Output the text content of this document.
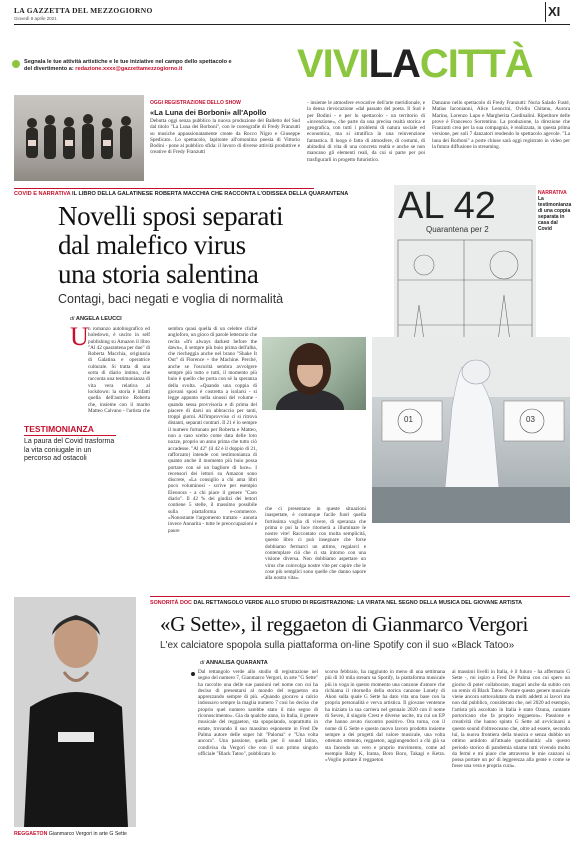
LA GAZZETTA DEL MEZZOGIORNO
Giovedì 8 aprile 2021	XI
Segnala le tue attività artistiche e le tue iniziative nel campo dello spettacolo e del divertimento a: redazione.xxxx@gazzettamezzogiorno.it	VIVILACITTÀ
OGGI REGISTRAZIONE DELLO SHOW
«La Luna dei Borboni» all'Apollo
Debutta oggi senza pubblico la nuova produzione del Balletto del Sud dal titolo "La Luna dei Borboni", con le coreografie di Fredy Franzutti su musiche appassionatamente create da Rocco Nigro e Giuseppe Spedicato. Lo spettacolo, lapitonte all'omonima poesia di Vittorio Bodini - pone al pubblico sfida: il lavoro di diverse attività produttive e creative di Fredy Franzutti
- insieme le atmosfere evocative dell'arte meridionale, e la densa rievocazione «dal passato del poeta. Il Sud è per Bodini - e per lo spettacolo - un territorio di «invenzione», che parte da una precisa realtà storica e geografica, con tutti i problemi di natura sociale ed economica, ma si stratifica in una reinvenzione fantastica. Il luogo è fatto di atmosfere, di costumi, di abitudini di vita di una concreta realtà e anche se non mancano gli elementi reali, da cui si parte per poi trasfigurarli in progetto futuristico.
Danzano nello spettacolo di Fredy Franzutti: Nuria Salado Fusté, Matias Iaconianni, Alice Leoncini, Ovidiu Chitanu, Aurora Marino, Lorenzo Lupo e Margherita Cardinalini. Ripetitore delle prove è Francesco Sorrentino. La produzione, la direzione che Franzutti crea per la sua compagnia, è realizzata, in questa prima versione, per soli 7 danzatori rendendo lo spettacolo agevole. "La luna dei Borboni" a porte chiuse sarà oggi registrato in video per la futura diffusione in streaming.
COVID E NARRATIVA IL LIBRO DELLA GALATINESE ROBERTA MACCHIA CHE RACCONTA L'ODISSEA DELLA QUARANTENA
Novelli sposi separati
dal malefico virus
una storia salentina
Contagi, baci negati e voglia di normalità
AL 42
Quarantena per 2
NARRATIVA
La testimonianza di una coppia separata in casa dal Covid
01	03
di ANGELA LEUCCI
TESTIMONIANZA
La paura del Covid trasforma la vita coniugale in un percorso ad ostacoli
U n romanzo autobiografico ed holedown, è uscito in self publishing su Amazon il libro "Al 42 quarantena per due" di Roberta Macchia, originaria di Galatina e operatrice culturale. Si tratta di una sorta di diario intimo, che racconta una testimonianza di vita vera relativa al lockdown: la storia è infatti quella dell'autrice Roberta che, insieme con il marito Matteo Calvano - l'artista che
sembra quasi quella di un celebre cliché angloforo, un gioco di parole letterario che recita «It's always darkest before the dawn», il sempre più buio prima dell'alba, che riecheggia anche nel brano "Shake It Out" di Florence + the Machine. Perché, anche se l'oscurità sembra avvolgere sempre più tutto e tutti, il momento più buio è quello che porta con sé la speranza della svolta. «Quando una coppia di giovani sposi è costretta a isolarsi - si legge appunto nella sinossi del volume - quando sessa provvisoria e di prima del piacere di darsi un abbraccio per tanti, troppi giorni. All'improvviso ci si ritrova distanti, separati contrari. Il 21 è lo sempre il numero fortunato per Roberta e Matteo, non a caso scelto come data delle loro nozze, proprio un anno prima che tutto ciò accadesse. "Al 42" (il 42 è il doppio di 21, rafforzato) intende con testimonianza di quanto anche il momento più buio possa portare con sé un bagliore di luce». I recensori dei lettori su Amazon sono discrete, «La consiglio a chi ama libri poco voluminosi - scrive per esempio Eleonora - a chi piace il genere "Caro diario". Il 42 % dei giudizi dei lettori contiene 5 stelle, il massimo possibile sulla piattaforma e-commerce. «Nonostante l'argomento trattato - annota invece Annarita - tutte le preoccupazioni e paure
che ci presentano in queste situazioni inaspettate, è comunque facile fuori quella fortissima voglia di vivere, di speranza che prima o poi la luce ritornerà a illuminare le nostre vite! Raccontato con molta semplicità, questo libro ci può insegnare che forse dobbiamo fermarci un attimo, regalarci e contemplare ciò che ci sta intorno con una visione diversa. Non dobbiamo aspettare un virus che coinvolga nostre vite per capire che le cose più semplici sono quelle che danno sapore alla nostra vita».
REGGAETON Gianmarco Vergori in arte G Sette
SONORITÀ DOC DAL RETTANGOLO VERDE ALLO STUDIO DI REGISTRAZIONE: LA VIRATA NEL SEGNO DELLA MUSICA DEL GIOVANE ARTISTA
«G Sette», il reggaeton di Gianmarco Vergori
L'ex calciatore spopola sulla piattaforma on-line Spotify con il suo «Black Tatoo»
di ANNALISA QUARANTA
Dal rettangolo verde allo studio di registrazione nel segno del numero 7, Gianmarco Vergori, in arte "G Sette" ha raccolto una delle sue passioni nel nome con cui ha deciso di presentarsi al mondo del reggaeton sta apprezzando sempre di più. «Quando giocavo a calcio indossavo sempre la maglia numero 7 così ho deciso che proprio quel numero sarebbe stato il mio segno di riconoscimento». Gia da qualche anno, in Italia, il genere musicale del reggaeton, sta spopolando, soprattutto in estate, trovando il suo massimo esponente in Fred De Palma autore delle super hit "Paloma" e "Una volta ancora". Una passione, quella per il sound latino, condivisa da Vergori che con il suo primo singolo ufficiale "Black Tatoo", pubblicato lo
scorso febbraio, ha raggiunto in meno di una settimana più di 10 mila stream su Spotify, la piattaforma musicale più in voga in questo momento una canzone d'amore che richiama il ritornello della storica canzone Lonely di Akon sulla quale G Sette ha dato vita una base con la propria personalità e verva artistica. Il giovane ventenne ha iniziato la sua carriera nel gennaio 2020 con il nome di Seven, il singolo Crest e diverse uscite, tra cui un EP che hanno avuto riscontro positivo. Ora torna, con il nome di G Sette e questo nuovo lavoro prodotto insieme sempre a dei progetti dal valore musicale, una volta ottenuto ottenuto, reggaeton, aggiungendoci a chi già sa sta facendo un vero e proprio movimento, come ad esempio Baby K, Irama, Boro Boro, Takagi e Ketra. «Voglio portare il reggaeton
ai massimi livelli in Italia, è il futuro - ha affermato G Sette -, mi ispiro a Fred De Palma con cui spero un giorno di poter collaborare, magari anche da subito con un remix di Black Tatoo. Portare questo genere musicale viene ancora sottovalutato da molti addetti ai lavori ma non dal pubblico, considerato che, nel 2020 ad esempio, l'artista più ascoltato in Italia è stato Ozuna, cantante portoricano che fa proprio reggaeton». Passione e creatività che hanno spinto G Sette ad avvicinarsi a questo sound d'oltreoceano che, oltre ad essere, secondo lui, la nuova frontiera della musica e senza dubbio un ottimo antidoto all'attuale quotidianità: «In questo periodo storico di pandemia stiamo tutti vivendo molto da fermi e mi piace che attraverso le mie canzoni si possa portare un po' di leggerezza alla gente e come se fosse una vera e propria cura».
